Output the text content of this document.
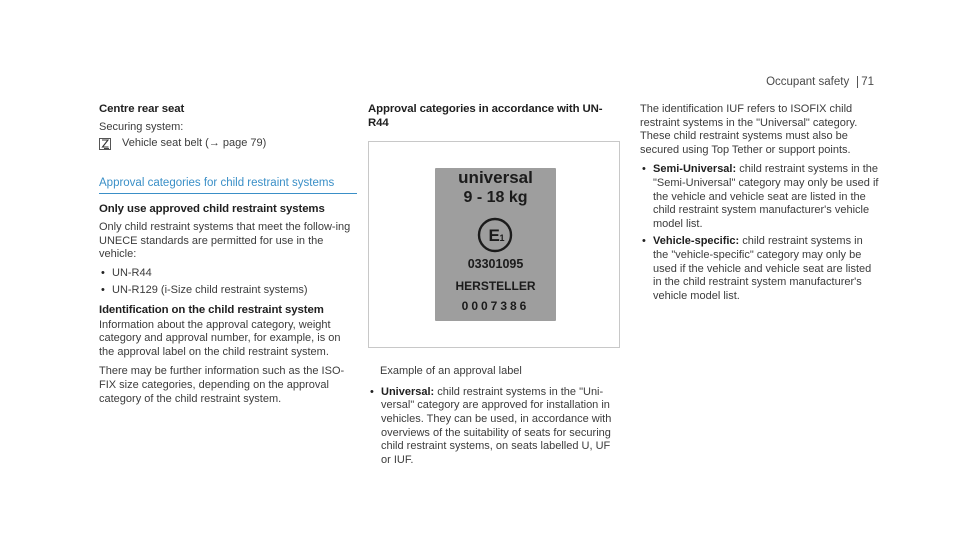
Occupant safety	71
Centre rear seat

Securing system:

Vehicle seat belt (→ page 79)
Approval categories for child restraint systems
Only use approved child restraint systems

Only child restraint systems that meet the follow‐ing UNECE standards are permitted for use in the vehicle:

• UN-R44
• UN-R129 (i-Size child restraint systems)
Identification on the child restraint system

Information about the approval category, weight category and approval number, for example, is on the approval label on the child restraint system.

There may be further information such as the ISO-FIX size categories, depending on the approval category of the child restraint system.

Approval categories in accordance with UN-R44
universal
9 - 18 kg
E 1
03301095
HERSTELLER
0007386

Example of an approval label

• Universal: child restraint systems in the "Uni-versal" category are approved for installation in vehicles. They can be used, in accordance with overviews of the suitability of seats for securing child restraint systems, on seats labelled U, UF or IUF.

The identification IUF refers to ISOFIX child restraint systems in the "Universal" category. These child restraint systems must also be secured using Top Tether or support points.

• Semi-Universal: child restraint systems in the "Semi-Universal" category may only be used if the vehicle and vehicle seat are listed in the child restraint system manufacturer's vehicle model list.
• Vehicle-specific: child restraint systems in the "vehicle-specific" category may only be used if the vehicle and vehicle seat are listed in the child restraint system manufacturer's vehicle model list.
